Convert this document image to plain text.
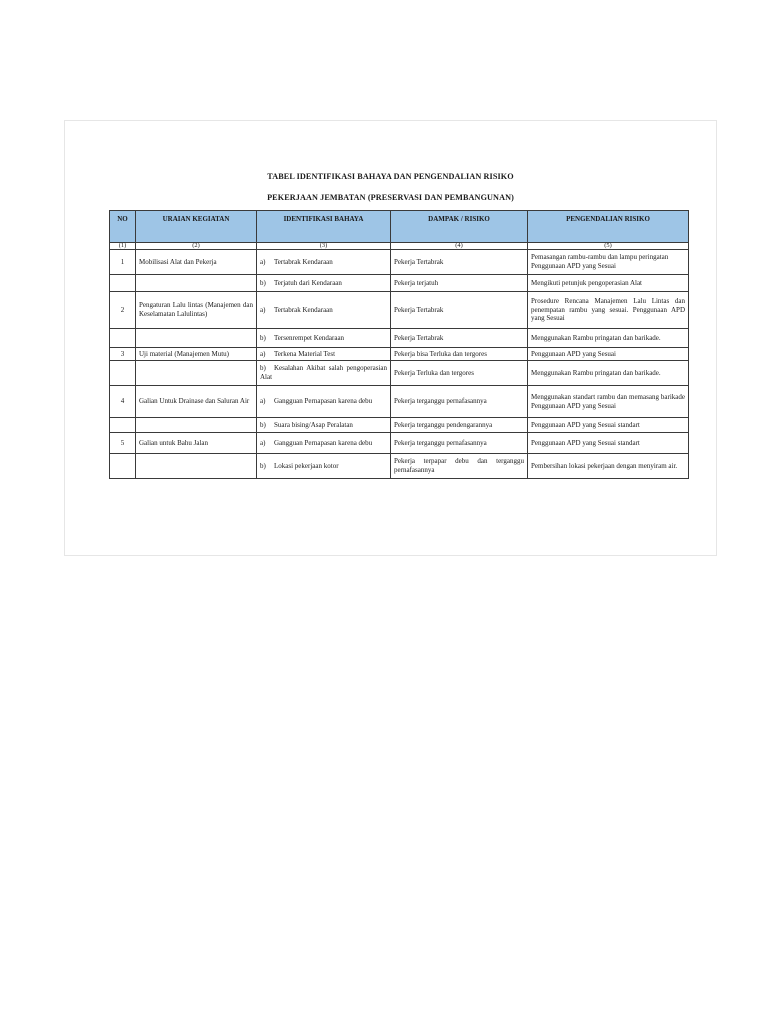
TABEL IDENTIFIKASI BAHAYA DAN PENGENDALIAN RISIKO
PEKERJAAN JEMBATAN (PRESERVASI DAN PEMBANGUNAN)
NO	URAIAN KEGIATAN	IDENTIFIKASI BAHAYA	DAMPAK / RISIKO	PENGENDALIAN RISIKO
(1)	(2)	(3)	(4)	(5)
1	Mobilisasi Alat dan Pekerja	a) Tertabrak Kendaraan	Pekerja Tertabrak	Pemasangan rambu-rambu dan lampu peringatan Penggunaan APD yang Sesuai
		b) Terjatuh dari Kendaraan	Pekerja terjatuh	Mengikuti petunjuk pengoperasian Alat
2	Pengaturan Lalu lintas (Manajemen dan Keselamatan Lalulintas)	a) Tertabrak Kendaraan	Pekerja Tertabrak	Prosedure Rencana Manajemen Lalu Lintas dan penempatan rambu yang sesuai. Penggunaan APD yang Sesuai
		b) Tersenrempet Kendaraan	Pekerja Tertabrak	Menggunakan Rambu pringatan dan barikade.
3	Uji material (Manajemen Mutu)	a) Terkena Material Test	Pekerja bisa Terluka dan tergores	Penggunaan APD yang Sesuai
		b) Kesalahan Akibat salah pengoperasian Alat	Pekerja Terluka dan tergores	Menggunakan Rambu pringatan dan barikade.
4	Galian Untuk Drainase dan Saluran Air	a) Gangguan Pernapasan karena debu	Pekerja terganggu pernafasannya	Menggunakan standart rambu dan memasang barikade Penggunaan APD yang Sesuai
		b) Suara bising/Asap Peralatan	Pekerja terganggu pendengarannya	Penggunaan APD yang Sesuai standart
5	Galian untuk Bahu Jalan	a) Gangguan Pernapasan karena debu	Pekerja terganggu pernafasannya	Penggunaan APD yang Sesuai standart
		b) Lokasi pekerjaan kotor	Pekerja terpapar debu dan terganggu pernafasannya	Pembersihan lokasi pekerjaan dengan menyiram air.
